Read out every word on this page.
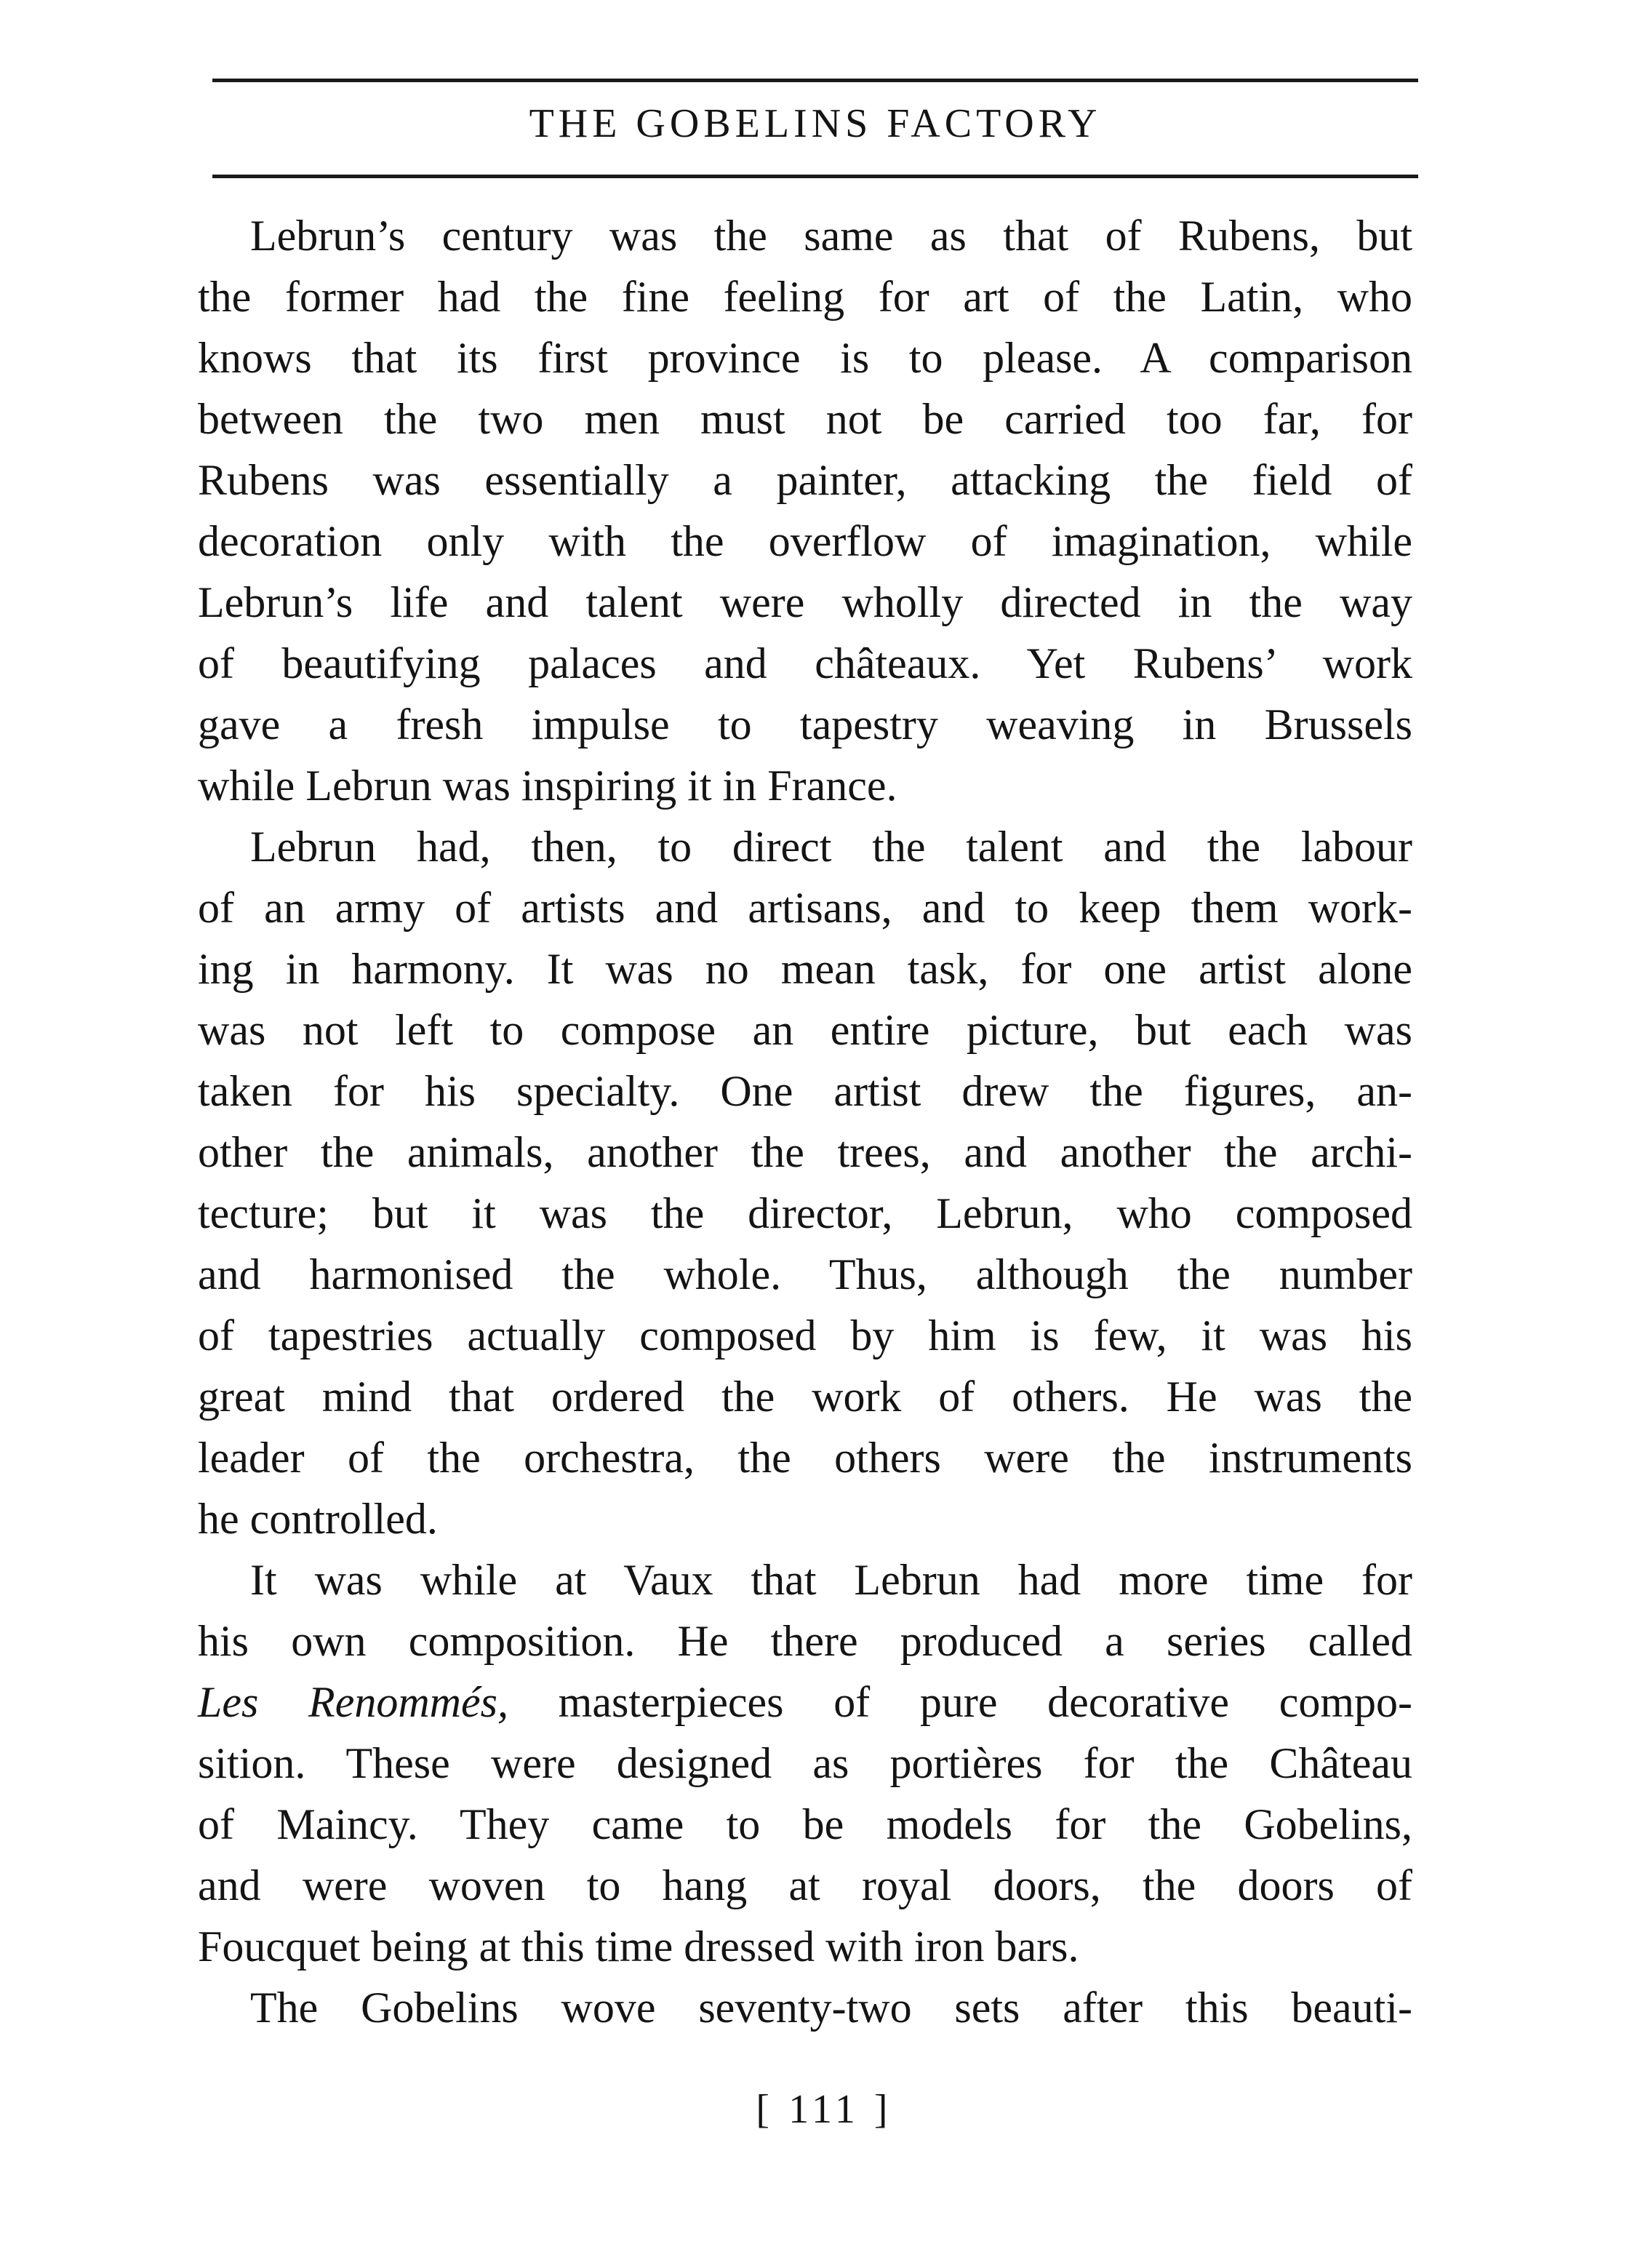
THE GOBELINS FACTORY
Lebrun’s century was the same as that of Rubens, but
the former had the fine feeling for art of the Latin, who
knows that its first province is to please. A comparison
between the two men must not be carried too far, for
Rubens was essentially a painter, attacking the field of
decoration only with the overflow of imagination, while
Lebrun’s life and talent were wholly directed in the way
of beautifying palaces and châteaux. Yet Rubens’ work
gave a fresh impulse to tapestry weaving in Brussels
while Lebrun was inspiring it in France.
Lebrun had, then, to direct the talent and the labour
of an army of artists and artisans, and to keep them work-
ing in harmony. It was no mean task, for one artist alone
was not left to compose an entire picture, but each was
taken for his specialty. One artist drew the figures, an-
other the animals, another the trees, and another the archi-
tecture; but it was the director, Lebrun, who composed
and harmonised the whole. Thus, although the number
of tapestries actually composed by him is few, it was his
great mind that ordered the work of others. He was the
leader of the orchestra, the others were the instruments
he controlled.
It was while at Vaux that Lebrun had more time for
his own composition. He there produced a series called
Les Renommés, masterpieces of pure decorative compo-
sition. These were designed as portières for the Château
of Maincy. They came to be models for the Gobelins,
and were woven to hang at royal doors, the doors of
Foucquet being at this time dressed with iron bars.
The Gobelins wove seventy-two sets after this beauti-
[ 111 ]
